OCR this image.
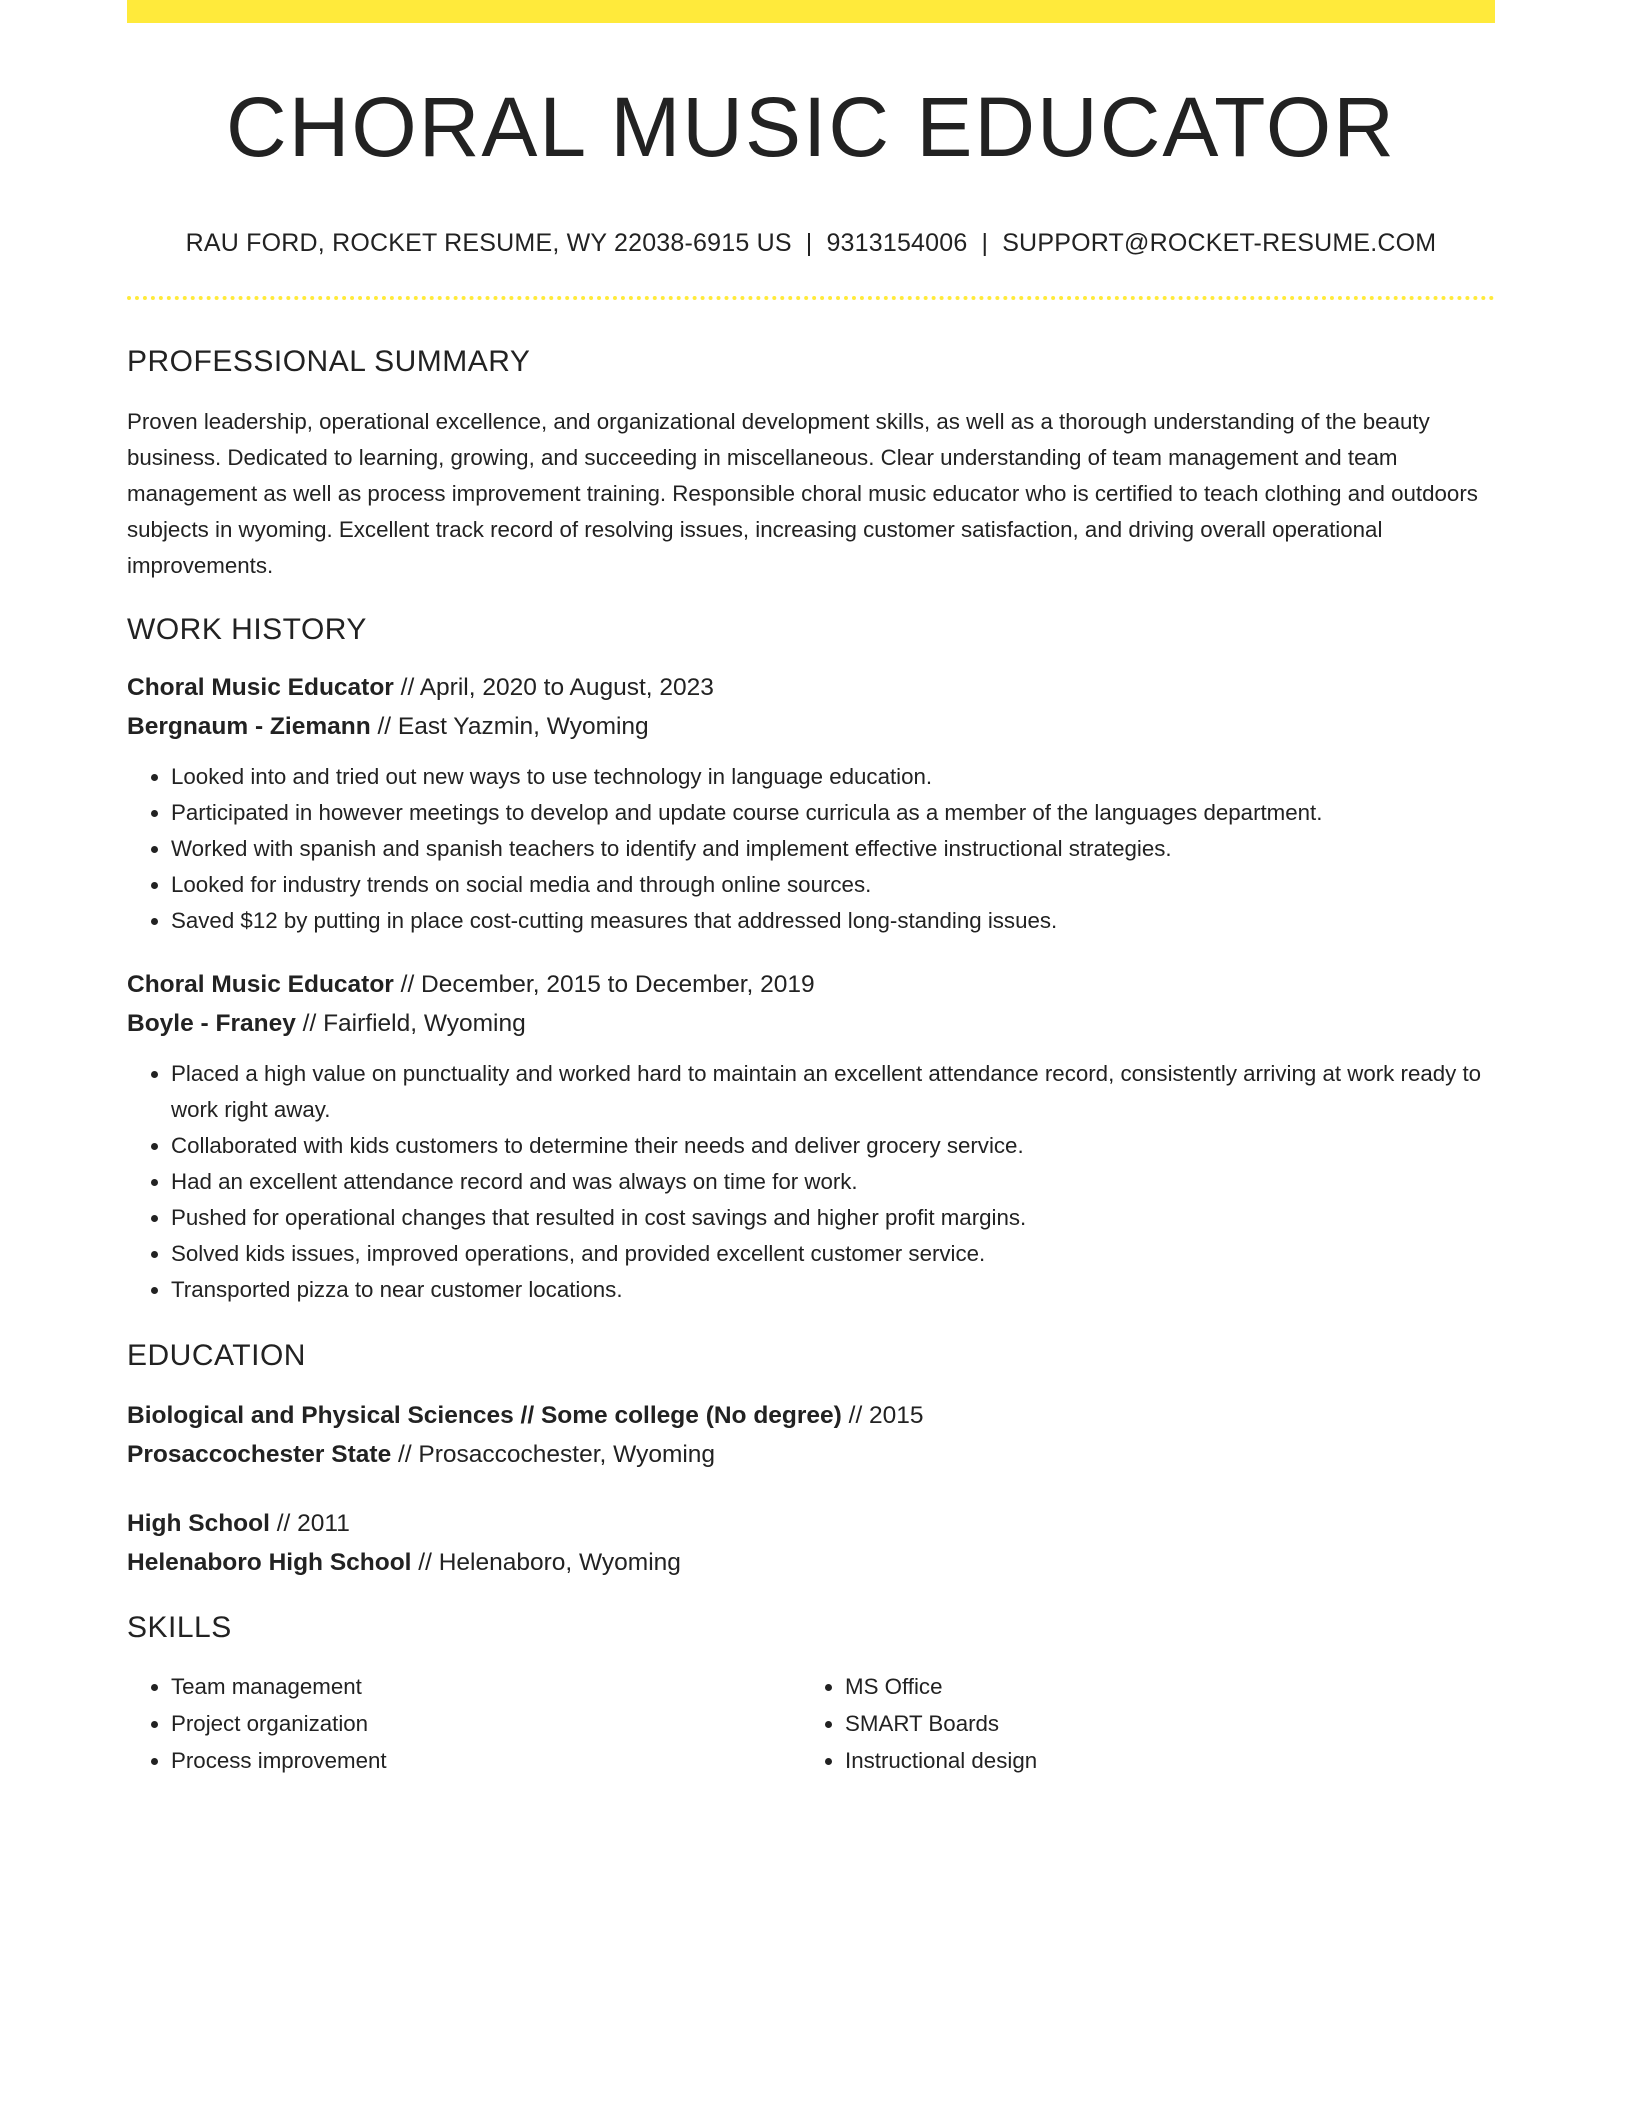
CHORAL MUSIC EDUCATOR
RAU FORD, ROCKET RESUME, WY 22038-6915 US | 9313154006 | SUPPORT@ROCKET-RESUME.COM
PROFESSIONAL SUMMARY

Proven leadership, operational excellence, and organizational development skills, as well as a thorough understanding of the beauty business. Dedicated to learning, growing, and succeeding in miscellaneous. Clear understanding of team management and team management as well as process improvement training. Responsible choral music educator who is certified to teach clothing and outdoors subjects in wyoming. Excellent track record of resolving issues, increasing customer satisfaction, and driving overall operational improvements.

WORK HISTORY
Choral Music Educator // April, 2020 to August, 2023
Bergnaum - Ziemann // East Yazmin, Wyoming
• Looked into and tried out new ways to use technology in language education.
• Participated in however meetings to develop and update course curricula as a member of the languages department.
• Worked with spanish and spanish teachers to identify and implement effective instructional strategies.
• Looked for industry trends on social media and through online sources.
• Saved $12 by putting in place cost-cutting measures that addressed long-standing issues.
Choral Music Educator // December, 2015 to December, 2019
Boyle - Franey // Fairfield, Wyoming
• Placed a high value on punctuality and worked hard to maintain an excellent attendance record, consistently arriving at work ready to work right away.
• Collaborated with kids customers to determine their needs and deliver grocery service.
• Had an excellent attendance record and was always on time for work.
• Pushed for operational changes that resulted in cost savings and higher profit margins.
• Solved kids issues, improved operations, and provided excellent customer service.
• Transported pizza to near customer locations.
EDUCATION
Biological and Physical Sciences // Some college (No degree) // 2015
Prosaccochester State // Prosaccochester, Wyoming
High School // 2011
Helenaboro High School // Helenaboro, Wyoming
SKILLS
• Team management
• Project organization
• Process improvement
• MS Office
• SMART Boards
• Instructional design
